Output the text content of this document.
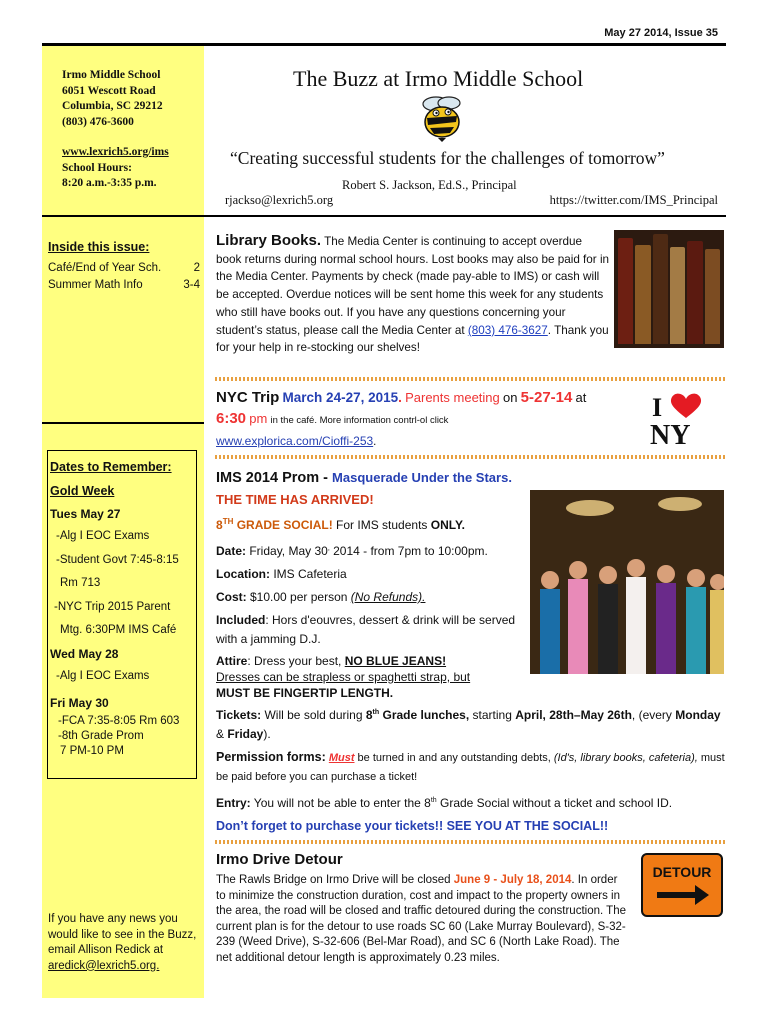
May 27 2014, Issue 35
Irmo Middle School
6051 Wescott Road
Columbia, SC 29212
(803) 476-3600
www.lexrich5.org/ims
School Hours:
8:20 a.m.-3:35 p.m.
Inside this issue:
Café/End of Year Sch.	2
Summer Math Info	3-4
Dates to Remember:
Gold Week
Tues May 27
-Alg I EOC Exams
-Student Govt 7:45-8:15
Rm 713
-NYC Trip 2015 Parent
Mtg. 6:30PM IMS Café
Wed May 28
-Alg I EOC Exams
Fri May 30
-FCA 7:35-8:05 Rm 603
-8th Grade Prom
7 PM-10 PM
If you have any news you would like to see in the Buzz, email Allison Redick at aredick@lexrich5.org.
The Buzz at Irmo Middle School
“Creating successful students for the challenges of tomorrow”
Robert S. Jackson, Ed.S., Principal
rjackso@lexrich5.org	https://twitter.com/IMS_Principal
Library Books. The Media Center is continuing to accept overdue book returns during normal school hours. Lost books may also be paid for in the Media Center. Payments by check (made pay-able to IMS) or cash will be accepted. Overdue notices will be sent home this week for any students who still have books out. If you have any questions concerning your student’s status, please call the Media Center at (803) 476-3627. Thank you for your help in re-stocking our shelves!
NYC Trip March 24-27, 2015. Parents meeting on 5-27-14 at
6:30 pm in the café. More information contrl-ol click
www.explorica.com/Cioffi-253.
I
NY

IMS 2014 Prom - Masquerade Under the Stars.

THE TIME HAS ARRIVED!

8TH GRADE SOCIAL! For IMS students ONLY.

Date: Friday, May 30, 2014 - from 7pm to 10:00pm.

Location: IMS Cafeteria

Cost: $10.00 per person (No Refunds).

Included: Hors d'eouvres, dessert & drink will be served with a jamming D.J.

Attire: Dress your best, NO BLUE JEANS!
Dresses can be strapless or spaghetti strap, but
MUST BE FINGERTIP LENGTH.

Tickets: Will be sold during 8th Grade lunches, starting April, 28th–May 26th, (every Monday & Friday).

Permission forms: Must be turned in and any outstanding debts, (Id's, library books, cafeteria), must be paid before you can purchase a ticket!

Entry: You will not be able to enter the 8th Grade Social without a ticket and school ID.

Don’t forget to purchase your tickets!! SEE YOU AT THE SOCIAL!!

Irmo Drive Detour
The Rawls Bridge on Irmo Drive will be closed June 9 - July 18, 2014. In order to minimize the construction duration, cost and impact to the property owners in the area, the road will be closed and traffic detoured during the construction. The current plan is for the detour to use roads SC 60 (Lake Murray Boulevard), S-32-239 (Weed Drive), S-32-606 (Bel-Mar Road), and SC 6 (North Lake Road). The net additional detour length is approximately 0.23 miles.
DETOUR
